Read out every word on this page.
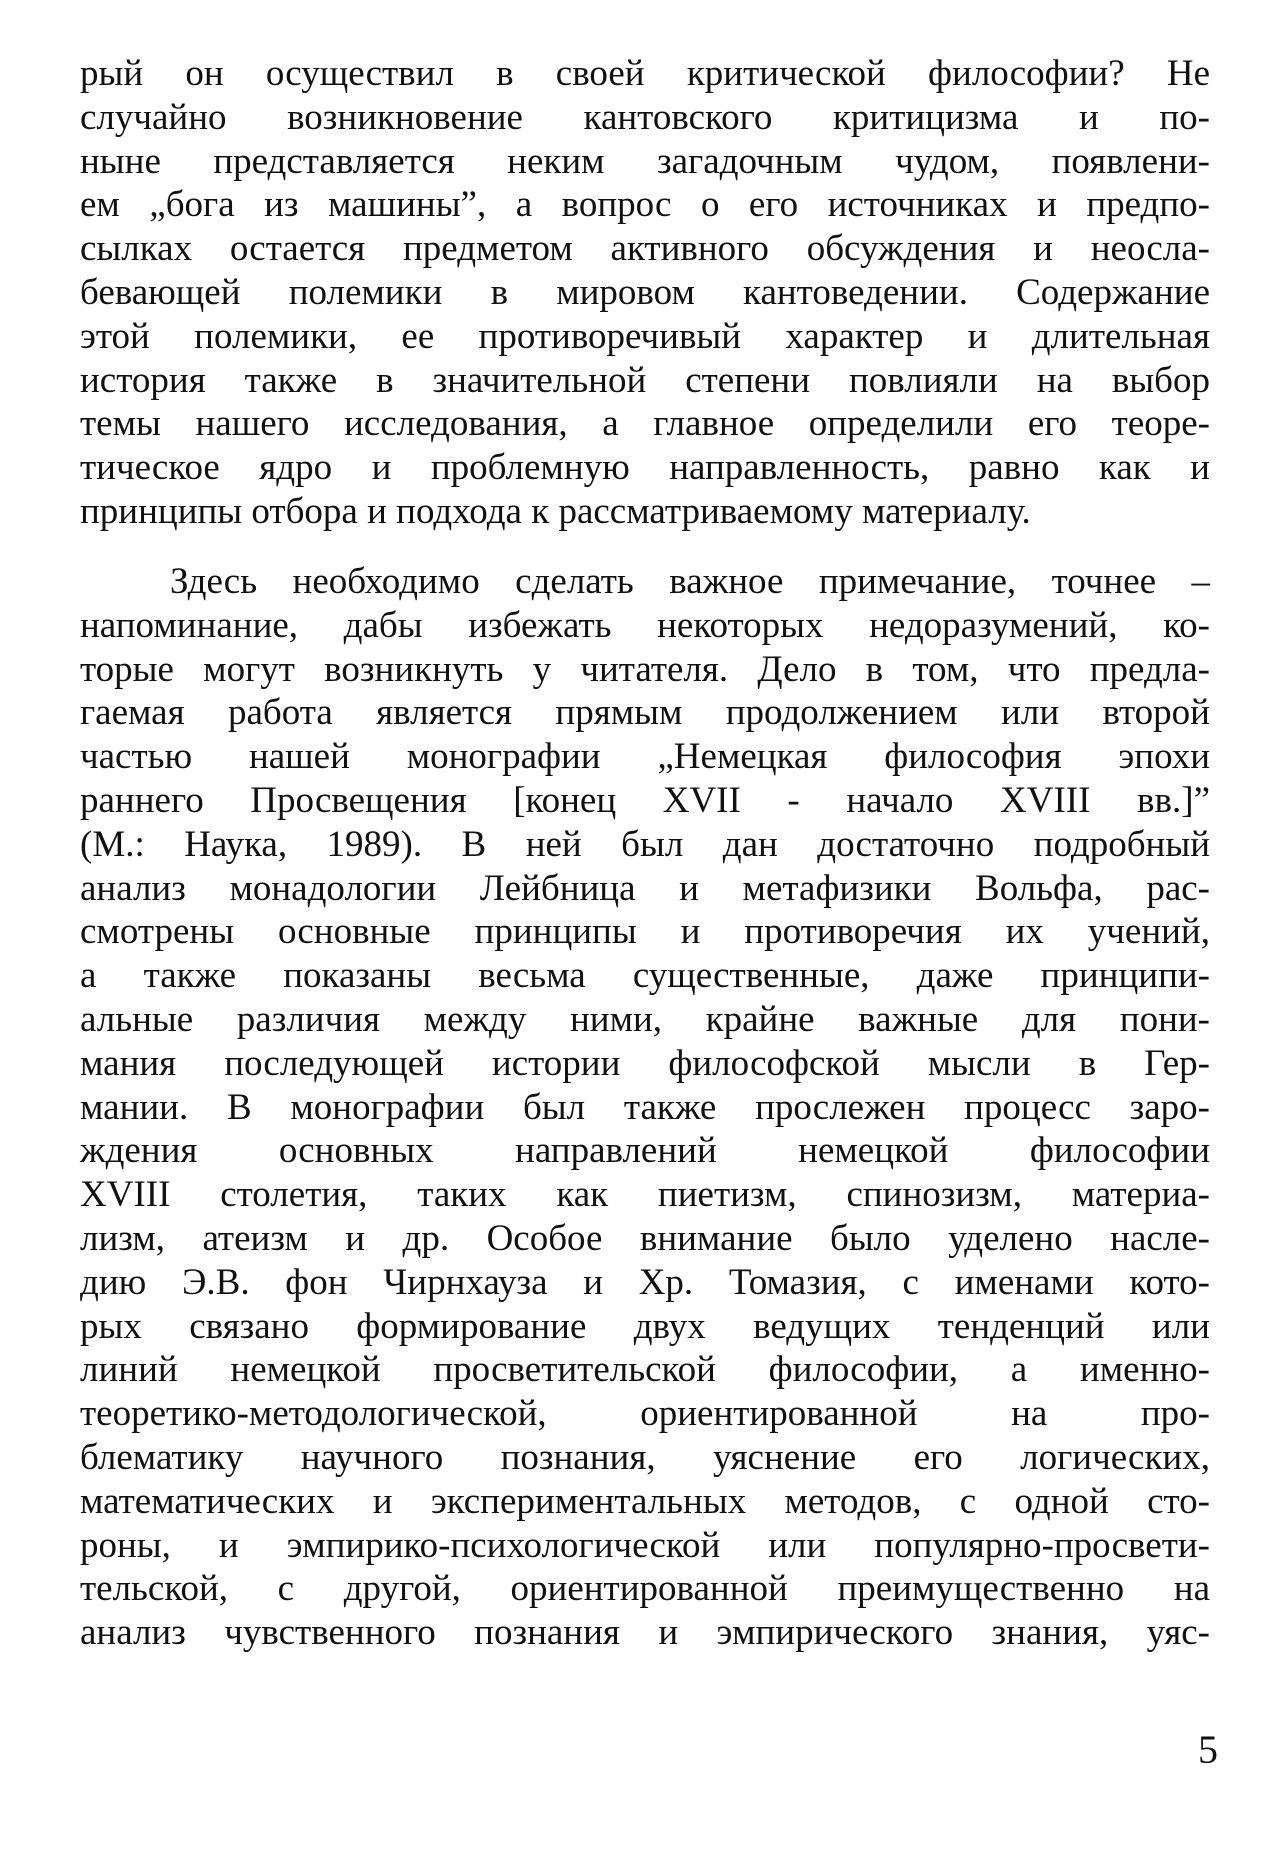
рый он осуществил в своей критической философии? Не
случайно возникновение кантовского критицизма и по-
ныне представляется неким загадочным чудом, появлени-
ем „бога из машины”, а вопрос о его источниках и предпо-
сылках остается предметом активного обсуждения и неосла-
бевающей полемики в мировом кантоведении. Содержание
этой полемики, ее противоречивый характер и длительная
история также в значительной степени повлияли на выбор
темы нашего исследования, а главное определили его теоре-
тическое ядро и проблемную направленность, равно как и
принципы отбора и подхода к рассматриваемому материалу.
Здесь необходимо сделать важное примечание, точнее –
напоминание, дабы избежать некоторых недоразумений, ко-
торые могут возникнуть у читателя. Дело в том, что предла-
гаемая работа является прямым продолжением или второй
частью нашей монографии „Немецкая философия эпохи
раннего Просвещения [конец XVII - начало XVIII вв.]”
(М.: Наука, 1989). В ней был дан достаточно подробный
анализ монадологии Лейбница и метафизики Вольфа, рас-
смотрены основные принципы и противоречия их учений,
а также показаны весьма существенные, даже принципи-
альные различия между ними, крайне важные для пони-
мания последующей истории философской мысли в Гер-
мании. В монографии был также прослежен процесс заро-
ждения основных направлений немецкой философии
XVIII столетия, таких как пиетизм, спинозизм, материа-
лизм, атеизм и др. Особое внимание было уделено насле-
дию Э.В. фон Чирнхауза и Хр. Томазия, с именами кото-
рых связано формирование двух ведущих тенденций или
линий немецкой просветительской философии, а именно-
теоретико-методологической, ориентированной на про-
блематику научного познания, уяснение его логических,
математических и экспериментальных методов, с одной сто-
роны, и эмпирико-психологической или популярно-просвети-
тельской, с другой, ориентированной преимущественно на
анализ чувственного познания и эмпирического знания, уяс-
5
